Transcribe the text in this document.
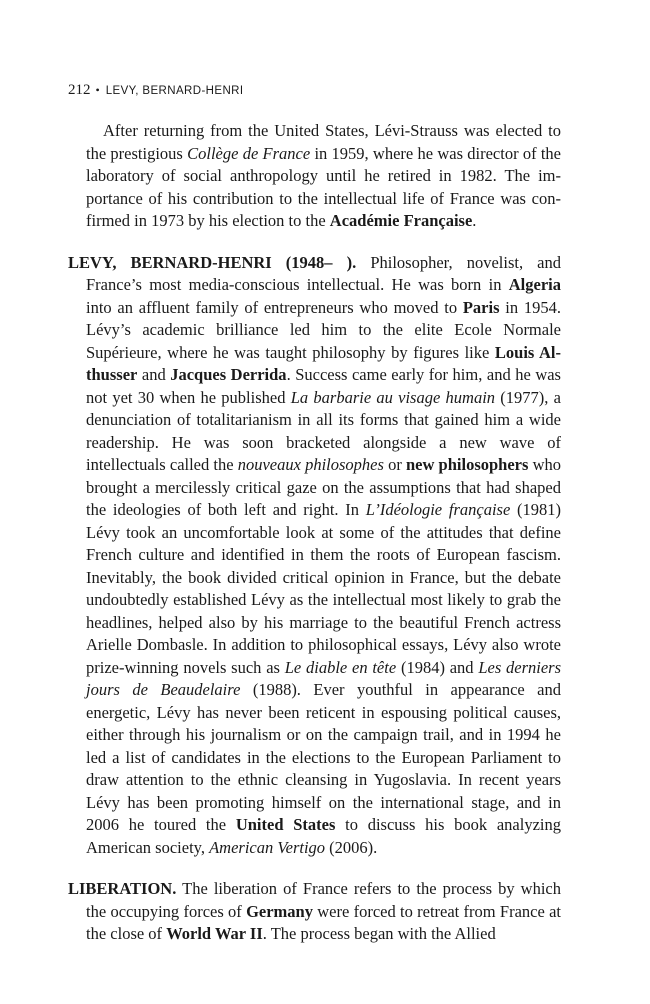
212 • LEVY, BERNARD-HENRI

After returning from the United States, Lévi-Strauss was elected to the prestigious Collège de France in 1959, where he was director of the laboratory of social anthropology until he retired in 1982. The importance of his contribution to the intellectual life of France was confirmed in 1973 by his election to the Académie Française.

LEVY, BERNARD-HENRI (1948– ). Philosopher, novelist, and France’s most media-conscious intellectual. He was born in Algeria into an affluent family of entrepreneurs who moved to Paris in 1954. Lévy’s academic brilliance led him to the elite Ecole Normale Supérieure, where he was taught philosophy by figures like Louis Althusser and Jacques Derrida. Success came early for him, and he was not yet 30 when he published La barbarie au visage humain (1977), a denunciation of totalitarianism in all its forms that gained him a wide readership. He was soon bracketed alongside a new wave of intellectuals called the nouveaux philosophes or new philosophers who brought a mercilessly critical gaze on the assumptions that had shaped the ideologies of both left and right. In L’Idéologie française (1981) Lévy took an uncomfortable look at some of the attitudes that define French culture and identified in them the roots of European fascism. Inevitably, the book divided critical opinion in France, but the debate undoubtedly established Lévy as the intellectual most likely to grab the headlines, helped also by his marriage to the beautiful French actress Arielle Dombasle. In addition to philosophical essays, Lévy also wrote prize-winning novels such as Le diable en tête (1984) and Les derniers jours de Beaudelaire (1988). Ever youthful in appearance and energetic, Lévy has never been reticent in espousing political causes, either through his journalism or on the campaign trail, and in 1994 he led a list of candidates in the elections to the European Parliament to draw attention to the ethnic cleansing in Yugoslavia. In recent years Lévy has been promoting himself on the international stage, and in 2006 he toured the United States to discuss his book analyzing American society, American Vertigo (2006).

LIBERATION. The liberation of France refers to the process by which the occupying forces of Germany were forced to retreat from France at the close of World War II. The process began with the Allied
